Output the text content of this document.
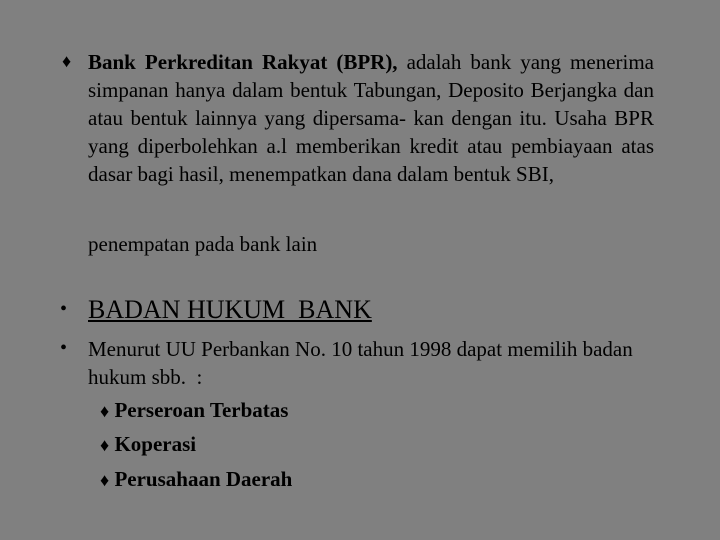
♦ Bank Perkreditan Rakyat (BPR), adalah bank yang menerima simpanan hanya dalam bentuk Tabungan, Deposito Berjangka dan atau bentuk lainnya yang dipersama- kan dengan itu. Usaha BPR yang diperbolehkan a.l memberikan kredit atau pembiayaan atas dasar bagi hasil, menempatkan dana dalam bentuk SBI,
penempatan pada bank lain
• BADAN HUKUM  BANK
• Menurut UU Perbankan No. 10 tahun 1998 dapat memilih badan hukum sbb.  :
♦ Perseroan Terbatas
♦ Koperasi
♦ Perusahaan Daerah
